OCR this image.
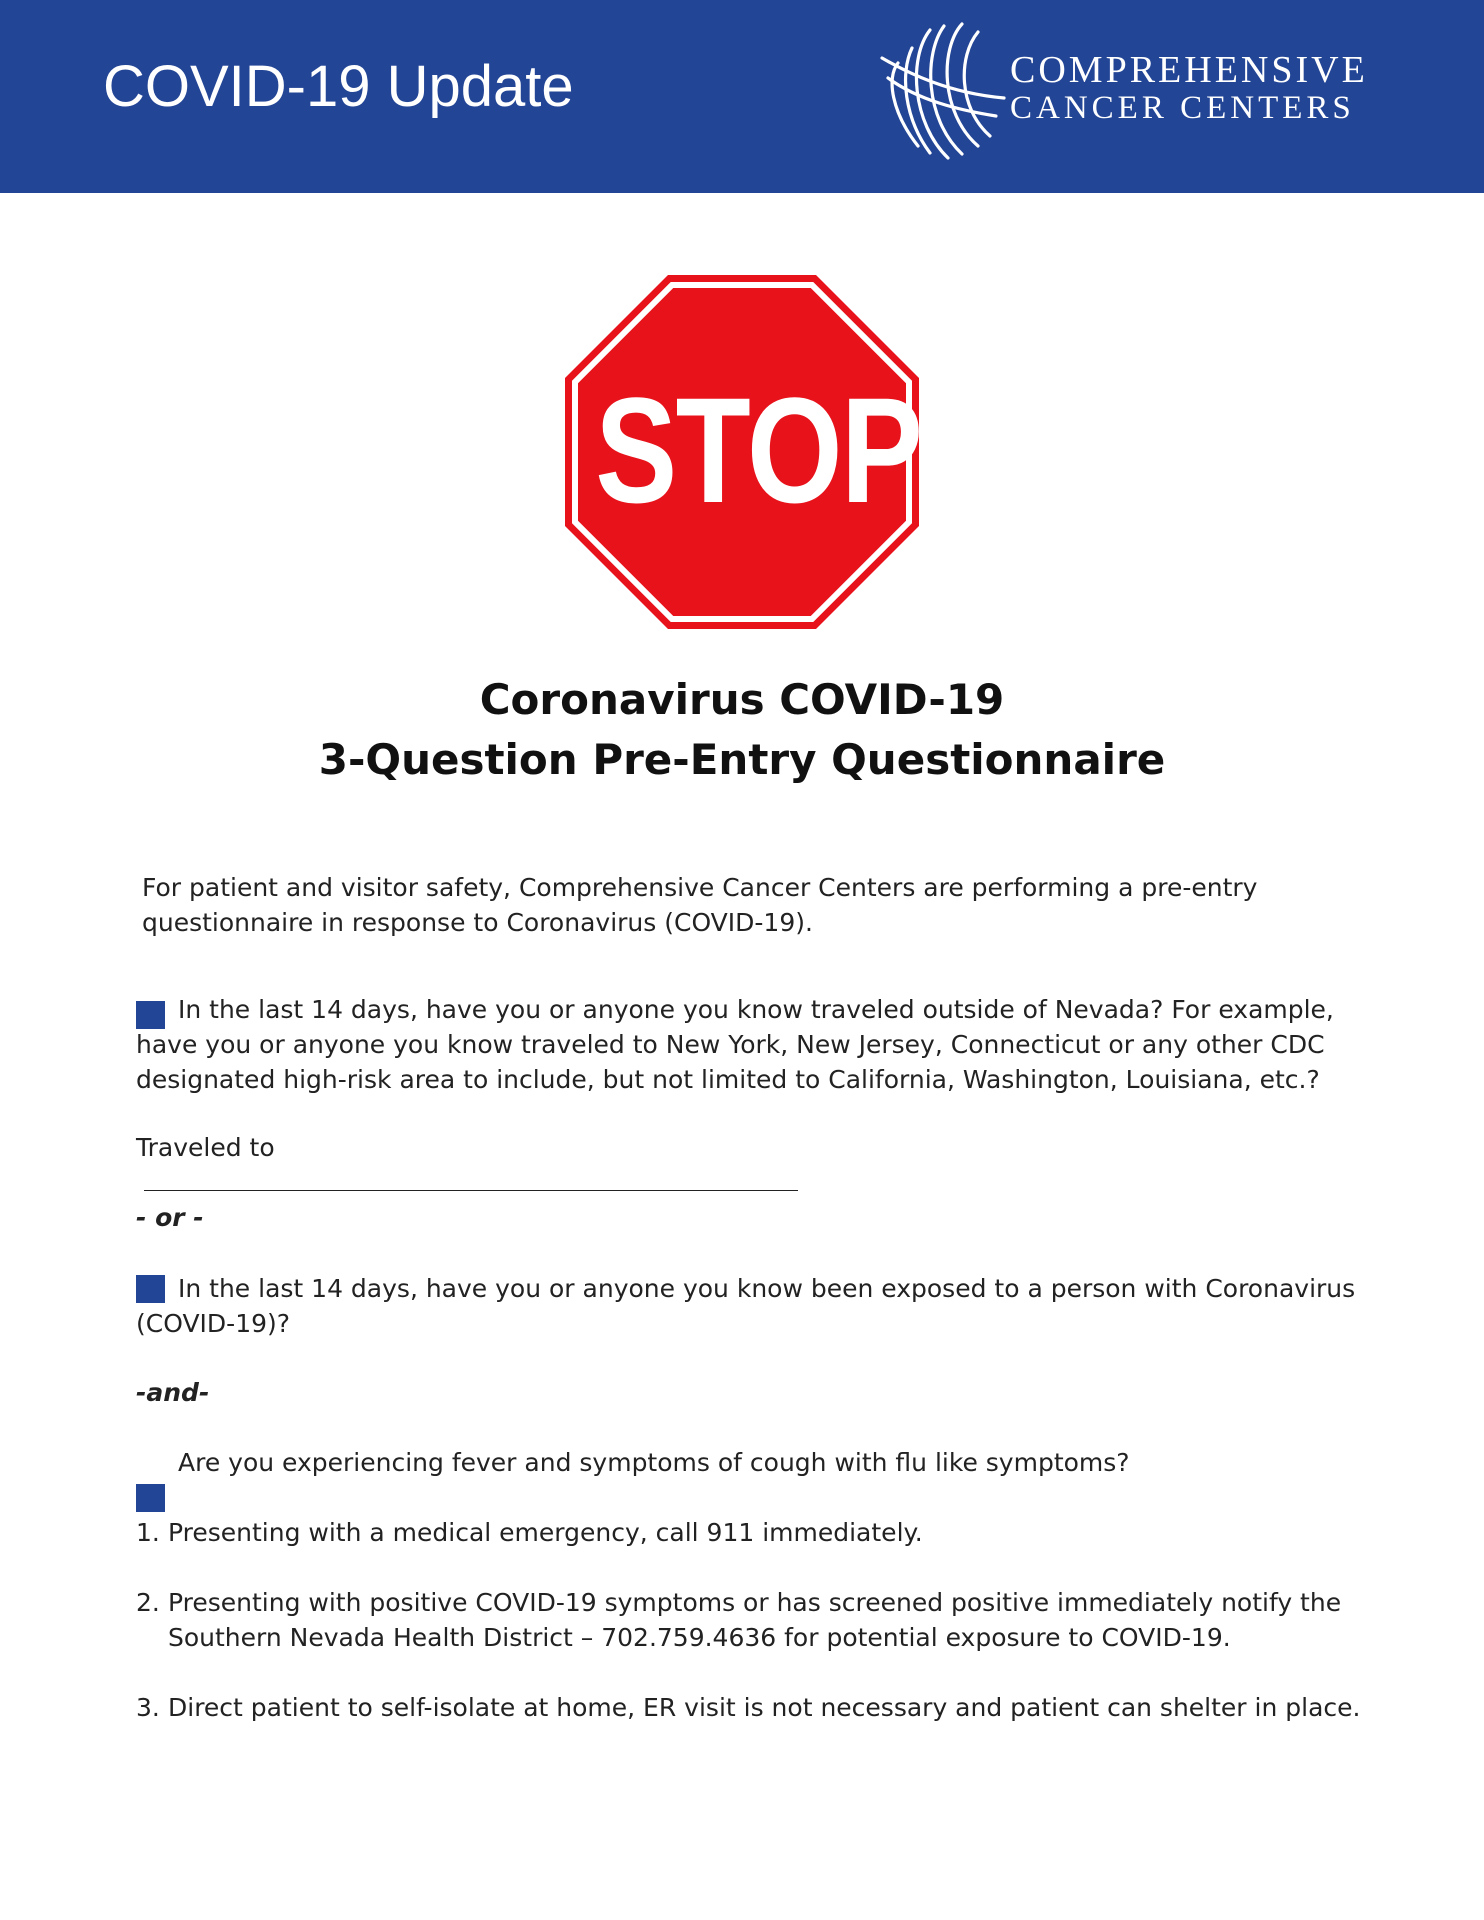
COVID-19 Update	COMPREHENSIVE
CANCER CENTERS
STOP
Coronavirus COVID-19
3-Question Pre-Entry Questionnaire
For patient and visitor safety, Comprehensive Cancer Centers are performing a pre-entry questionnaire in response to Coronavirus (COVID-19).
In the last 14 days, have you or anyone you know traveled outside of Nevada? For example, have you or anyone you know traveled to New York, New Jersey, Connecticut or any other CDC designated high-risk area to include, but not limited to California, Washington, Louisiana, etc.?
Traveled to
- or -
In the last 14 days, have you or anyone you know been exposed to a person with Coronavirus (COVID-19)?
-and-
Are you experiencing fever and symptoms of cough with flu like symptoms?
1. Presenting with a medical emergency, call 911 immediately.
2. Presenting with positive COVID-19 symptoms or has screened positive immediately notify the Southern Nevada Health District – 702.759.4636 for potential exposure to COVID-19.
3. Direct patient to self-isolate at home, ER visit is not necessary and patient can shelter in place.
